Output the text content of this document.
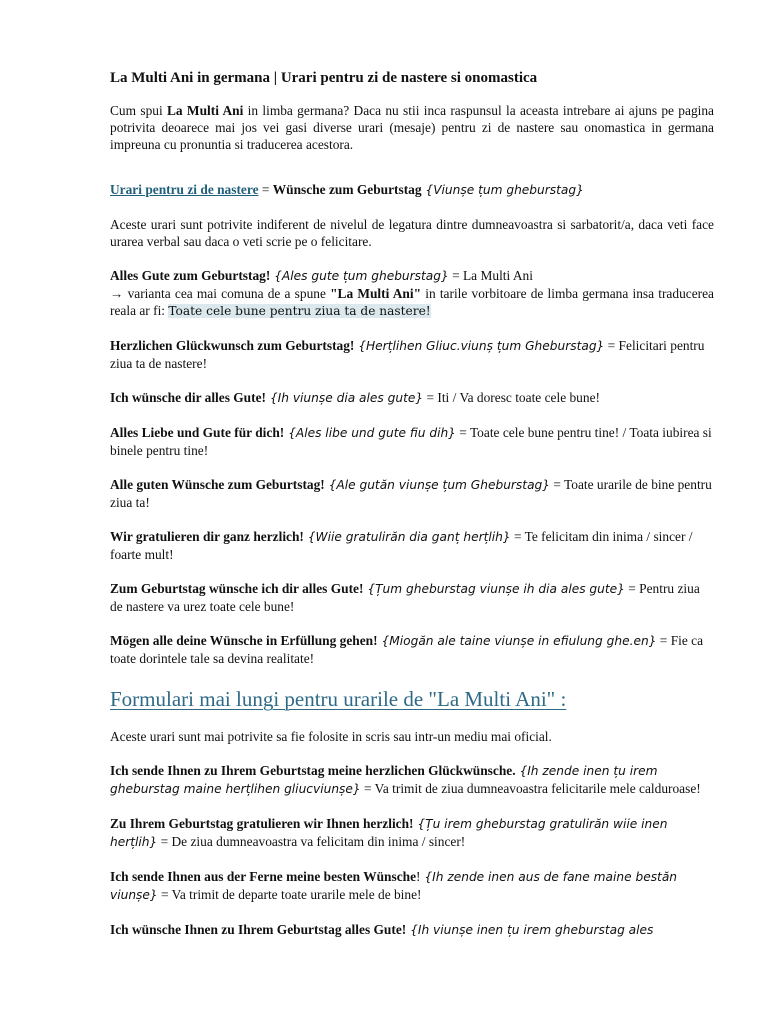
La Multi Ani in germana | Urari pentru zi de nastere si onomastica

Cum spui La Multi Ani in limba germana? Daca nu stii inca raspunsul la aceasta intrebare ai ajuns pe pagina potrivita deoarece mai jos vei gasi diverse urari (mesaje) pentru zi de nastere sau onomastica in germana impreuna cu pronuntia si traducerea acestora.

Urari pentru zi de nastere = Wünsche zum Geburtstag {Viunșe țum gheburstag}

Aceste urari sunt potrivite indiferent de nivelul de legatura dintre dumneavoastra si sarbatorit/a, daca veti face urarea verbal sau daca o veti scrie pe o felicitare.

Alles Gute zum Geburtstag! {Ales gute țum gheburstag} = La Multi Ani
→ varianta cea mai comuna de a spune "La Multi Ani" in tarile vorbitoare de limba germana insa traducerea reala ar fi: Toate cele bune pentru ziua ta de nastere!

Herzlichen Glückwunsch zum Geburtstag! {Herțlihen Gliuc.viunș țum Gheburstag} = Felicitari pentru ziua ta de nastere!

Ich wünsche dir alles Gute! {Ih viunșe dia ales gute} = Iti / Va doresc toate cele bune!

Alles Liebe und Gute für dich! {Ales libe und gute fiu dih} = Toate cele bune pentru tine! / Toata iubirea si binele pentru tine!

Alle guten Wünsche zum Geburtstag! {Ale gutăn viunșe țum Gheburstag} = Toate urarile de bine pentru ziua ta!

Wir gratulieren dir ganz herzlich! {Wiie gratulirăn dia ganț herțlih} = Te felicitam din inima / sincer / foarte mult!

Zum Geburtstag wünsche ich dir alles Gute! {Țum gheburstag viunșe ih dia ales gute} = Pentru ziua de nastere va urez toate cele bune!

Mögen alle deine Wünsche in Erfüllung gehen! {Miogăn ale taine viunșe in efiulung ghe.en} = Fie ca toate dorintele tale sa devina realitate!

Formulari mai lungi pentru urarile de "La Multi Ani" :

Aceste urari sunt mai potrivite sa fie folosite in scris sau intr-un mediu mai oficial.

Ich sende Ihnen zu Ihrem Geburtstag meine herzlichen Glückwünsche. {Ih zende inen țu irem gheburstag maine herțlihen gliucviunșe} = Va trimit de ziua dumneavoastra felicitarile mele calduroase!

Zu Ihrem Geburtstag gratulieren wir Ihnen herzlich! {Țu irem gheburstag gratulirăn wiie inen herțlih} = De ziua dumneavoastra va felicitam din inima / sincer!

Ich sende Ihnen aus der Ferne meine besten Wünsche! {Ih zende inen aus de fane maine bestăn viunșe} = Va trimit de departe toate urarile mele de bine!

Ich wünsche Ihnen zu Ihrem Geburtstag alles Gute! {Ih viunșe inen țu irem gheburstag ales
